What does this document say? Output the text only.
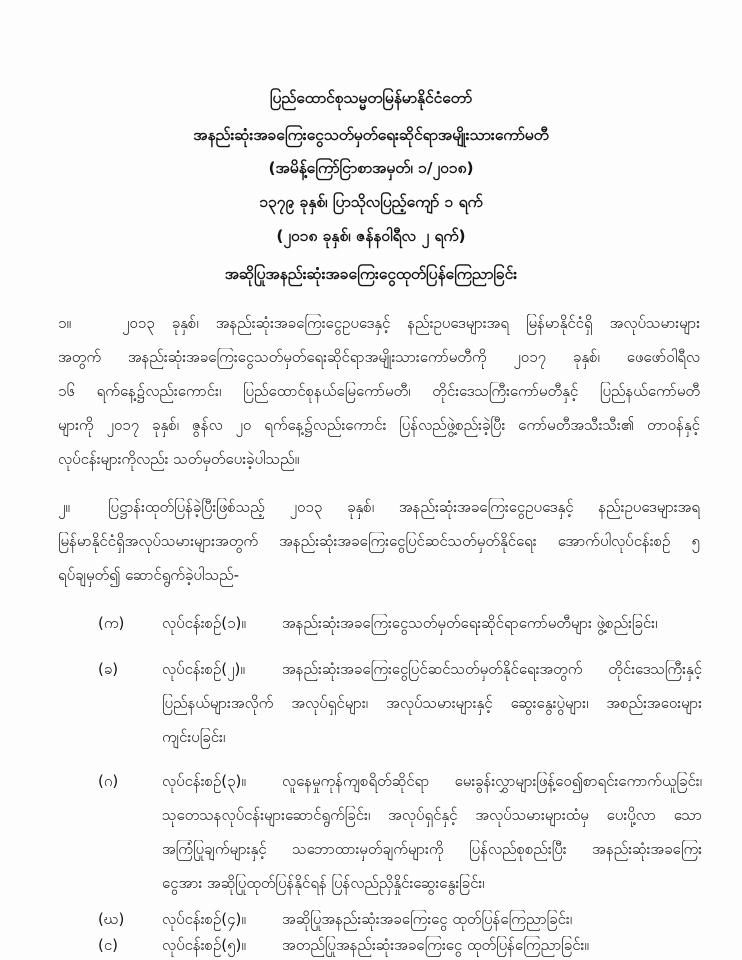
ပြည်ထောင်စုသမ္မတမြန်မာနိုင်ငံတော်
အနည်းဆုံးအခကြေးငွေသတ်မှတ်ရေးဆိုင်ရာအမျိုးသားကော်မတီ
(အမိန့်ကြော်ငြာစာအမှတ်၊ ၁/၂၀၁၈)
၁၃၇၉ ခုနှစ်၊ ပြာသိုလပြည့်ကျော် ၁ ရက်
(၂၀၁၈ ခုနှစ်၊ ဇန်နဝါရီလ ၂ ရက်)
အဆိုပြုအနည်းဆုံးအခကြေးငွေထုတ်ပြန်ကြေညာခြင်း
၁။	၂၀၁၃ ခုနှစ်၊ အနည်းဆုံးအခကြေးငွေဥပဒေနှင့် နည်းဥပဒေများအရ မြန်မာနိုင်ငံရှိ အလုပ်သမားများ
အတွက် အနည်းဆုံးအခကြေးငွေသတ်မှတ်ရေးဆိုင်ရာအမျိုးသားကော်မတီကို ၂၀၁၇ ခုနှစ်၊ ဖေဖော်ဝါရီလ
၁၆ ရက်နေ့၌လည်းကောင်း၊ ပြည်ထောင်စုနယ်မြေကော်မတီ၊ တိုင်းဒေသကြီးကော်မတီနှင့် ပြည်နယ်ကော်မတီ
များကို ၂၀၁၇ ခုနှစ်၊ ဇွန်လ ၂၀ ရက်နေ့၌လည်းကောင်း ပြန်လည်ဖွဲ့စည်းခဲ့ပြီး ကော်မတီအသီးသီး၏ တာဝန်နှင့်
လုပ်ငန်းများကိုလည်း သတ်မှတ်ပေးခဲ့ပါသည်။
၂။	ပြဋ္ဌာန်းထုတ်ပြန်ခဲ့ပြီးဖြစ်သည့် ၂၀၁၃ ခုနှစ်၊ အနည်းဆုံးအခကြေးငွေဥပဒေနှင့် နည်းဥပဒေများအရ
မြန်မာနိုင်ငံရှိအလုပ်သမားများအတွက် အနည်းဆုံးအခကြေးငွေပြင်ဆင်သတ်မှတ်နိုင်ရေး အောက်ပါလုပ်ငန်းစဉ် ၅
ရပ်ချမှတ်၍ ဆောင်ရွက်ခဲ့ပါသည်-
(က)	လုပ်ငန်းစဉ်(၁)။ အနည်းဆုံးအခကြေးငွေသတ်မှတ်ရေးဆိုင်ရာကော်မတီများ ဖွဲ့စည်းခြင်း၊
(ခ)	လုပ်ငန်းစဉ်(၂)။ အနည်းဆုံးအခကြေးငွေပြင်ဆင်သတ်မှတ်နိုင်ရေးအတွက် တိုင်းဒေသကြီးနှင့်
ပြည်နယ်များအလိုက် အလုပ်ရှင်များ၊ အလုပ်သမားများနှင့် ဆွေးနွေးပွဲများ၊ အစည်းအဝေးများ
ကျင်းပခြင်း၊
(ဂ)	လုပ်ငန်းစဉ်(၃)။ လူနေမှုကုန်ကျစရိတ်ဆိုင်ရာ မေးခွန်းလွှာများဖြန့်ဝေ၍စာရင်းကောက်ယူခြင်း၊
သုတေသနလုပ်ငန်းများဆောင်ရွက်ခြင်း၊ အလုပ်ရှင်နှင့် အလုပ်သမားများထံမှ ပေးပို့လာ သော
အကြံပြုချက်များနှင့် သဘောထားမှတ်ချက်များကို ပြန်လည်စုစည်းပြီး အနည်းဆုံးအခကြေး
ငွေအား အဆိုပြုထုတ်ပြန်နိုင်ရန် ပြန်လည်ညှိနှိုင်းဆွေးနွေးခြင်း၊
(ဃ)	လုပ်ငန်းစဉ်(၄)။ အဆိုပြုအနည်းဆုံးအခကြေးငွေ ထုတ်ပြန်ကြေညာခြင်း၊
(င)	လုပ်ငန်းစဉ်(၅)။ အတည်ပြုအနည်းဆုံးအခကြေးငွေ ထုတ်ပြန်ကြေညာခြင်း။
